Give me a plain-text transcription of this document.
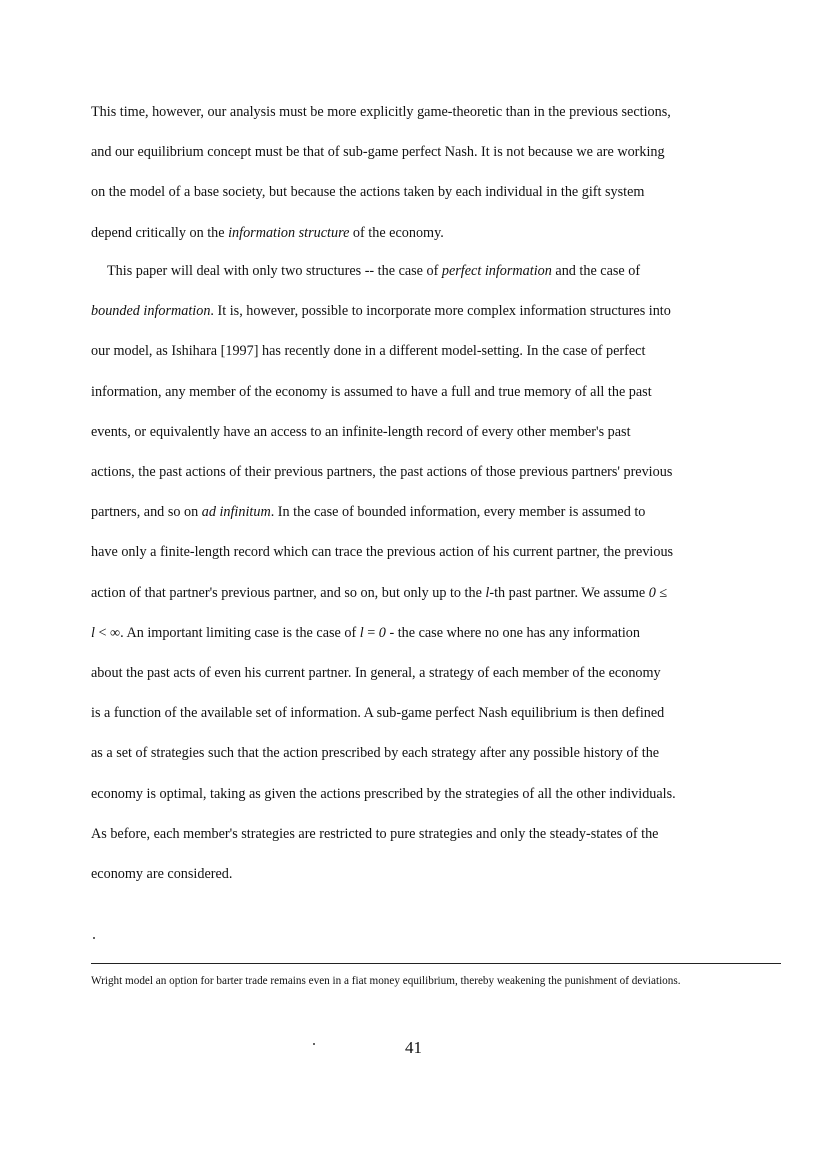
This time, however, our analysis must be more explicitly game-theoretic than in the previous sections,
and our equilibrium concept must be that of sub-game perfect Nash. It is not because we are working
on the model of a base society, but because the actions taken by each individual in the gift system
depend critically on the information structure of the economy.
This paper will deal with only two structures -- the case of perfect information and the case of
bounded information. It is, however, possible to incorporate more complex information structures into
our model, as Ishihara [1997] has recently done in a different model-setting. In the case of perfect
information, any member of the economy is assumed to have a full and true memory of all the past
events, or equivalently have an access to an infinite-length record of every other member's past
actions, the past actions of their previous partners, the past actions of those previous partners' previous
partners, and so on ad infinitum. In the case of bounded information, every member is assumed to
have only a finite-length record which can trace the previous action of his current partner, the previous
action of that partner's previous partner, and so on, but only up to the l-th past partner. We assume 0 ≤
l < ∞. An important limiting case is the case of l = 0 - the case where no one has any information
about the past acts of even his current partner. In general, a strategy of each member of the economy
is a function of the available set of information. A sub-game perfect Nash equilibrium is then defined
as a set of strategies such that the action prescribed by each strategy after any possible history of the
economy is optimal, taking as given the actions prescribed by the strategies of all the other individuals.
As before, each member's strategies are restricted to pure strategies and only the steady-states of the
economy are considered.

Wright model an option for barter trade remains even in a fiat money equilibrium, thereby weakening the punishment of deviations.

41
